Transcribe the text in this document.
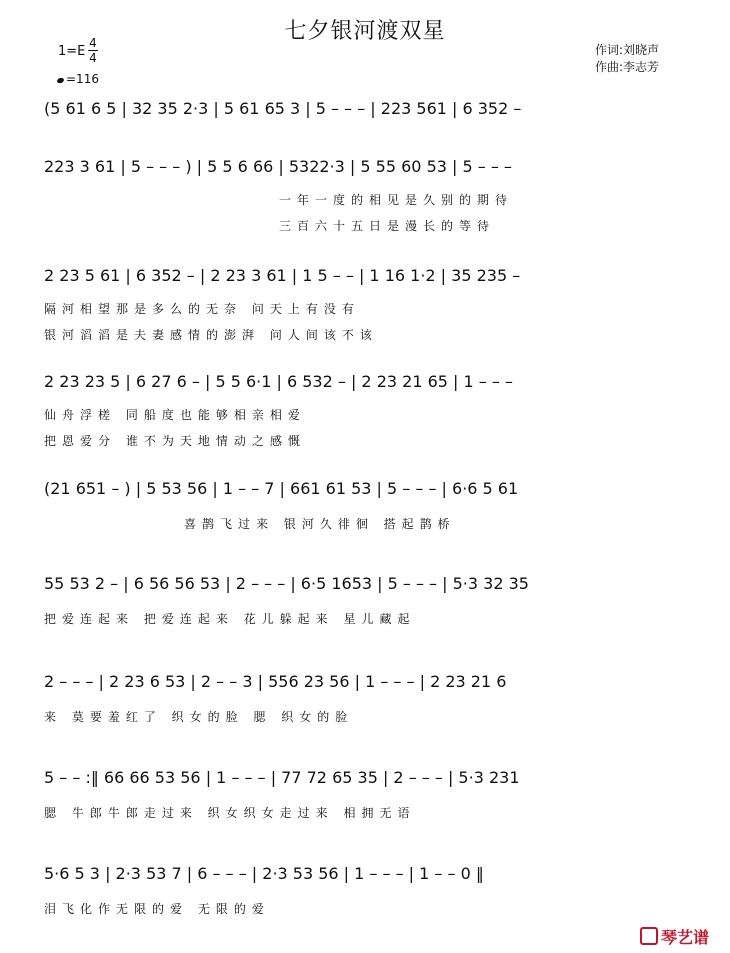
七夕银河渡双星
1=E
4
4
=116
作词:刘晓声
作曲:李志芳
(5 61 6 5 | 32 35 2·3 | 5 61 65 3 | 5 – – – | 223 561 | 6 352 –
223 3 61 | 5 – – – ) | 5 5 6 66 | 5322·3 | 5 55 60 53 | 5 – – –
一年一度的相见是久别的期待
三百六十五日是漫长的等待
2 23 5 61 | 6 352 – | 2 23 3 61 | 1 5 – – | 1 16 1·2 | 35 235 –
隔河相望那是多么的无奈 问天上有没有
银河滔滔是夫妻感情的澎湃 问人间该不该
2 23 23 5 | 6 27 6 – | 5 5 6·1 | 6 532 – | 2 23 21 65 | 1 – – –
仙舟浮槎 同船度也能够相亲相爱
把恩爱分 谁不为天地情动之感慨
(21 651 – ) | 5 53 56 | 1 – – 7 | 661 61 53 | 5 – – – | 6·6 5 61
喜鹊飞过来 银河久徘徊 搭起鹊桥
55 53 2 – | 6 56 56 53 | 2 – – – | 6·5 1653 | 5 – – – | 5·3 32 35
把爱连起来 把爱连起来 花儿躲起来 星儿藏起
2 – – – | 2 23 6 53 | 2 – – 3 | 556 23 56 | 1 – – – | 2 23 21 6
来 莫要羞红了 织女的脸 腮 织女的脸
5 – – :‖ 66 66 53 56 | 1 – – – | 77 72 65 35 | 2 – – – | 5·3 231
腮 牛郎牛郎走过来 织女织女走过来 相拥无语
5·6 5 3 | 2·3 53 7 | 6 – – – | 2·3 53 56 | 1 – – – | 1 – – 0 ‖
泪飞化作无限的爱 无限的爱
琴艺谱
